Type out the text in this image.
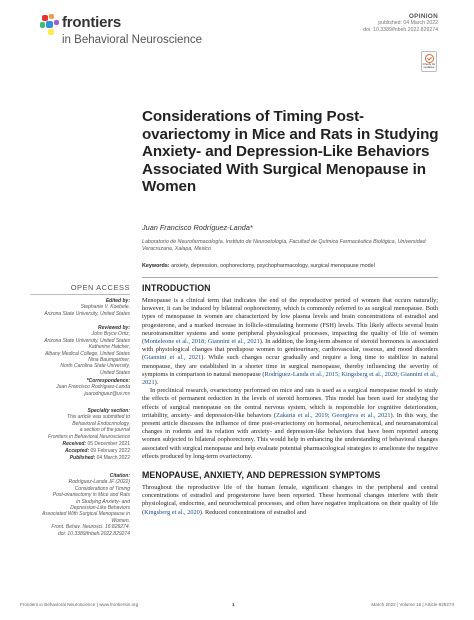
frontiers
in Behavioral Neuroscience
OPINION
published: 04 March 2022
doi: 10.3389/fnbeh.2022.829274
Check for
updates
Considerations of Timing Post-ovariectomy in Mice and Rats in Studying Anxiety- and Depression-Like Behaviors Associated With Surgical Menopause in Women
Juan Francisco Rodríguez-Landa*
Laboratorio de Neurofarmacología, Instituto de Neuroetología, Facultad de Química Farmacéutica Biológica, Universidad Veracruzana, Xalapa, Mexico
Keywords: anxiety, depression, oophorectomy, psychopharmacology, surgical menopause model
OPEN ACCESS
Edited by:
Stephanie V. Koebele,
Arizona State University, United States
Reviewed by:
John Bryce Ortiz,
Arizona State University, United States
Katherine Hatcher,
Albany Medical College, United States
Nina Baumgartner,
North Carolina State University,
United States
*Correspondence:
Juan Francisco Rodríguez-Landa
juarodriguez@uv.mx
Specialty section:
This article was submitted to
Behavioral Endocrinology,
a section of the journal
Frontiers in Behavioral Neuroscience
Received: 05 December 2021
Accepted: 09 February 2022
Published: 04 March 2022
Citation:
Rodríguez-Landa JF (2022)
Considerations of Timing
Post-ovariectomy in Mice and Rats
in Studying Anxiety- and
Depression-Like Behaviors
Associated With Surgical Menopause in Women.
Front. Behav. Neurosci. 16:829274.
doi: 10.3389/fnbeh.2022.829274
INTRODUCTION
Menopause is a clinical term that indicates the end of the reproductive period of women that occurs naturally; however, it can be induced by bilateral oophorectomy, which is commonly referred to as surgical menopause. Both types of menopause in women are characterized by low plasma levels and brain concentrations of estradiol and progesterone, and a marked increase in follicle-stimulating hormone (FSH) levels. This likely affects several brain neurotransmitter systems and some peripheral physiological processes, impacting the quality of life of women (Monteleone et al., 2018; Giannini et al., 2021). In addition, the long-term absence of steroid hormones is associated with physiological changes that predispose women to genitourinary, cardiovascular, osseous, and mood disorders (Giannini et al., 2021). While such changes occur gradually and require a long time to stabilize in natural menopause, they are established in a shorter time in surgical menopause, thereby influencing the severity of symptoms in comparison to natural menopause (Rodríguez-Landa et al., 2015; Kingsberg et al., 2020; Giannini et al., 2021).
In preclinical research, ovariectomy performed on mice and rats is used as a surgical menopause model to study the effects of permanent reduction in the levels of steroid hormones. This model has been used for studying the effects of surgical menopause on the central nervous system, which is responsible for cognitive deterioration, irritability, anxiety- and depression-like behaviors (Zakaria et al., 2019; Georgieva et al., 2021). In this way, the present article discusses the influence of time post-ovariectomy on hormonal, neurochemical, and neuroanatomical changes in rodents and its relation with anxiety- and depression-like behaviors that have been reported among women subjected to bilateral oophorectomy. This would help in enhancing the understanding of behavioral changes associated with surgical menopause and help evaluate potential pharmacological strategies to ameliorate the negative effects produced by long-term ovariectomy.
MENOPAUSE, ANXIETY, AND DEPRESSION SYMPTOMS
Throughout the reproductive life of the human female, significant changes in the peripheral and central concentrations of estradiol and progesterone have been reported. These hormonal changes interfere with their physiological, endocrine, and neurochemical processes, and often have negative implications on their quality of life (Kingsberg et al., 2020). Reduced concentrations of estradiol and
Frontiers in Behavioral Neuroscience | www.frontiersin.org	1	March 2022 | Volume 16 | Article 829274
